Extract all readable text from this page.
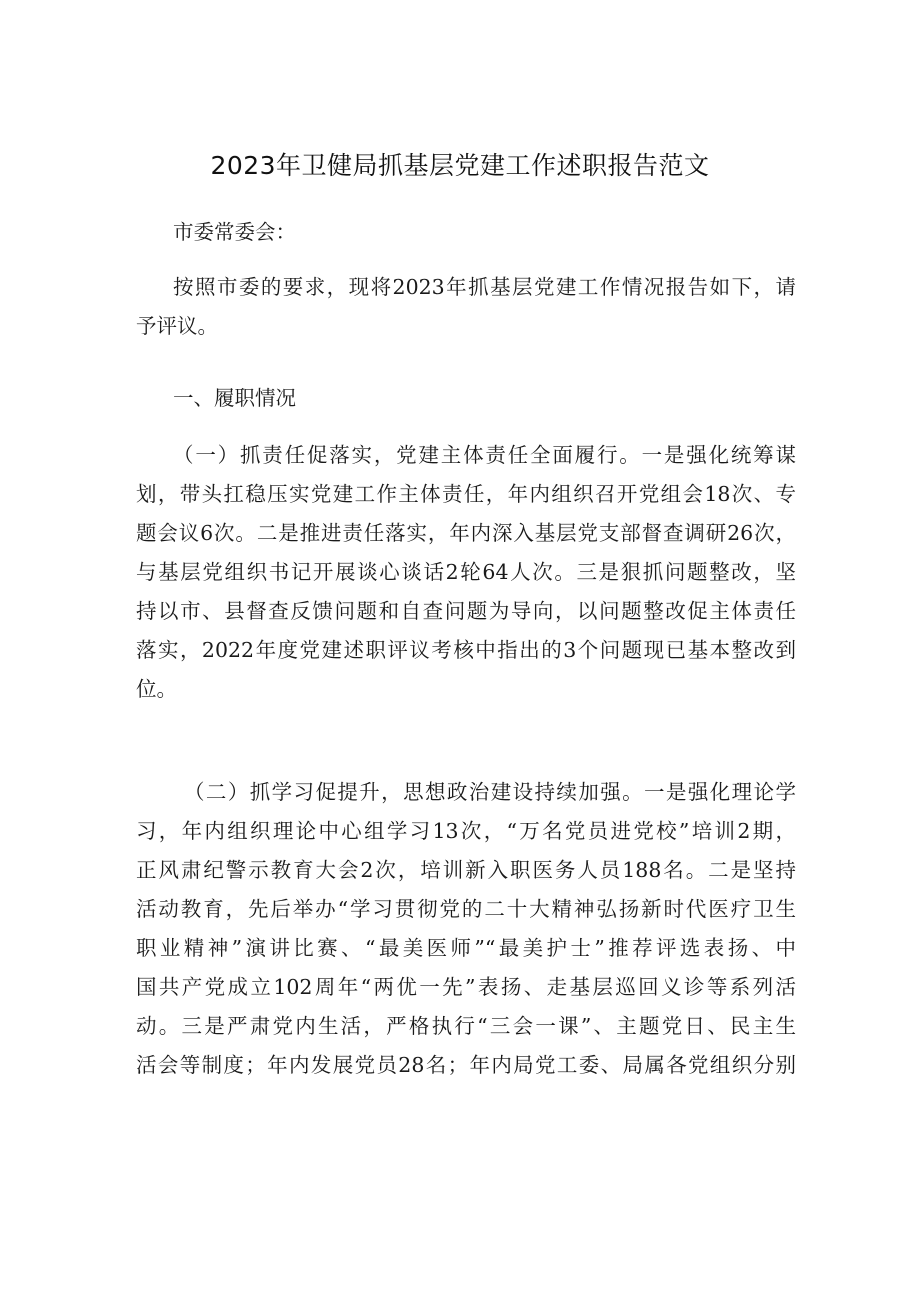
2023年卫健局抓基层党建工作述职报告范文
市委常委会：
按照市委的要求，现将2023年抓基层党建工作情况报告如下，请
予评议。
一、履职情况
（一）抓责任促落实，党建主体责任全面履行。一是强化统筹谋
划，带头扛稳压实党建工作主体责任，年内组织召开党组会18次、专
题会议6次。二是推进责任落实，年内深入基层党支部督查调研26次，
与基层党组织书记开展谈心谈话2轮64人次。三是狠抓问题整改，坚
持以市、县督查反馈问题和自查问题为导向，以问题整改促主体责任
落实，2022年度党建述职评议考核中指出的3个问题现已基本整改到
位。
（二）抓学习促提升，思想政治建设持续加强。一是强化理论学
习，年内组织理论中心组学习13次，“万名党员进党校”培训2期，
正风肃纪警示教育大会2次，培训新入职医务人员188名。二是坚持
活动教育，先后举办“学习贯彻党的二十大精神弘扬新时代医疗卫生
职业精神”演讲比赛、“最美医师”“最美护士”推荐评选表扬、中
国共产党成立102周年“两优一先”表扬、走基层巡回义诊等系列活
动。三是严肃党内生活，严格执行“三会一课”、主题党日、民主生
活会等制度；年内发展党员28名；年内局党工委、局属各党组织分别
